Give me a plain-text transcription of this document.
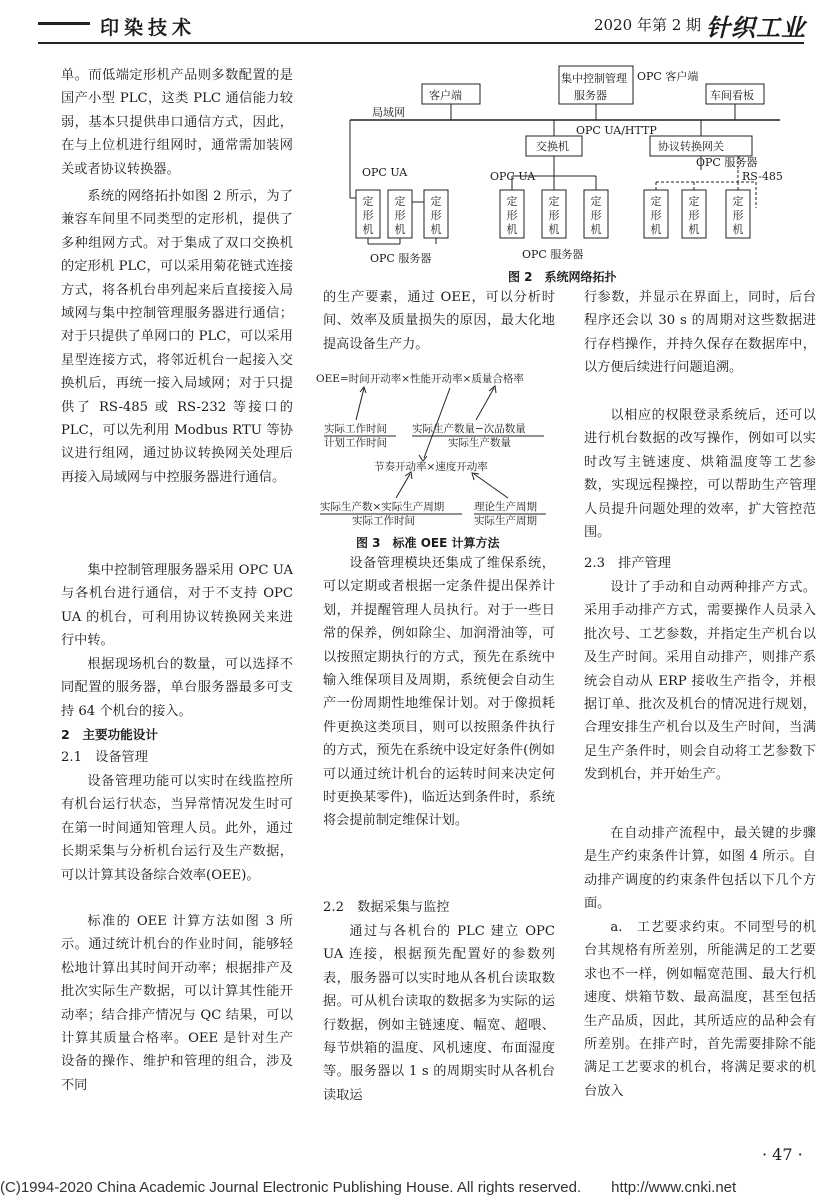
印染技术	2020 年第 2 期 针织工业
客户端
集中控制管理
服务器
OPC 客户端
车间看板
局域网
OPC UA/HTTP
交换机	协议转换网关
OPC UA	OPC UA
OPC 服务器
RS-485
OPC 服务器	OPC 服务器
定
形
机
定
形
机
定
形
机
定
形
机
定
形
机
定
形
机
定
形
机
定
形
机
定
形
机
图 2　系统网络拓扑
OEE=时间开动率×性能开动率×质量合格率
实际工作时间
计划工作时间
实际生产数量−次品数量
实际生产数量
节奏开动率×速度开动率
实际生产数×实际生产周期
实际工作时间
理论生产周期
实际生产周期
图 3　标准 OEE 计算方法

单。而低端定形机产品则多数配置的是国产小型 PLC，这类 PLC 通信能力较弱，基本只提供串口通信方式，因此，在与上位机进行组网时，通常需加装网关或者协议转换器。

系统的网络拓扑如图 2 所示，为了兼容车间里不同类型的定形机，提供了多种组网方式。对于集成了双口交换机的定形机 PLC，可以采用菊花链式连接方式，将各机台串列起来后直接接入局域网与集中控制管理服务器进行通信；对于只提供了单网口的 PLC，可以采用星型连接方式，将邻近机台一起接入交换机后，再统一接入局域网；对于只提供了 RS-485 或 RS-232 等接口的 PLC，可以先利用 Modbus RTU 等协议进行组网，通过协议转换网关处理后再接入局域网与中控服务器进行通信。

集中控制管理服务器采用 OPC UA 与各机台进行通信，对于不支持 OPC UA 的机台，可利用协议转换网关来进行中转。

根据现场机台的数量，可以选择不同配置的服务器，单台服务器最多可支持 64 个机台的接入。

2　主要功能设计
2.1　设备管理

设备管理功能可以实时在线监控所有机台运行状态，当异常情况发生时可在第一时间通知管理人员。此外，通过长期采集与分析机台运行及生产数据，可以计算其设备综合效率(OEE)。

标准的 OEE 计算方法如图 3 所示。通过统计机台的作业时间，能够轻松地计算出其时间开动率；根据排产及批次实际生产数据，可以计算其性能开动率；结合排产情况与 QC 结果，可以计算其质量合格率。OEE 是针对生产设备的操作、维护和管理的组合，涉及不同

的生产要素，通过 OEE，可以分析时间、效率及质量损失的原因，最大化地提高设备生产力。

设备管理模块还集成了维保系统，可以定期或者根据一定条件提出保养计划，并提醒管理人员执行。对于一些日常的保养，例如除尘、加润滑油等，可以按照定期执行的方式，预先在系统中输入维保项目及周期，系统便会自动生产一份周期性地维保计划。对于像损耗件更换这类项目，则可以按照条件执行的方式，预先在系统中设定好条件(例如可以通过统计机台的运转时间来决定何时更换某零件)，临近达到条件时，系统将会提前制定维保计划。

2.2　数据采集与监控

通过与各机台的 PLC 建立 OPC UA 连接，根据预先配置好的参数列表，服务器可以实时地从各机台读取数据。可从机台读取的数据多为实际的运行数据，例如主链速度、幅宽、超喂、每节烘箱的温度、风机速度、布面湿度等。服务器以 1 s 的周期实时从各机台读取运

行参数，并显示在界面上，同时，后台程序还会以 30 s 的周期对这些数据进行存档操作，并持久保存在数据库中，以方便后续进行问题追溯。

以相应的权限登录系统后，还可以进行机台数据的改写操作，例如可以实时改写主链速度、烘箱温度等工艺参数，实现远程操控，可以帮助生产管理人员提升问题处理的效率，扩大管控范围。

2.3　排产管理

设计了手动和自动两种排产方式。采用手动排产方式，需要操作人员录入批次号、工艺参数，并指定生产机台以及生产时间。采用自动排产，则排产系统会自动从 ERP 接收生产指令，并根据订单、批次及机台的情况进行规划，合理安排生产机台以及生产时间，当满足生产条件时，则会自动将工艺参数下发到机台，并开始生产。

在自动排产流程中，最关键的步骤是生产约束条件计算，如图 4 所示。自动排产调度的约束条件包括以下几个方面。

a.　工艺要求约束。不同型号的机台其规格有所差别，所能满足的工艺要求也不一样，例如幅宽范围、最大行机速度、烘箱节数、最高温度，甚至包括生产品质，因此，其所适应的品种会有所差别。在排产时，首先需要排除不能满足工艺要求的机台，将满足要求的机台放入

· 47 ·
(C)1994-2020 China Academic Journal Electronic Publishing House. All rights reserved.　　http://www.cnki.net
